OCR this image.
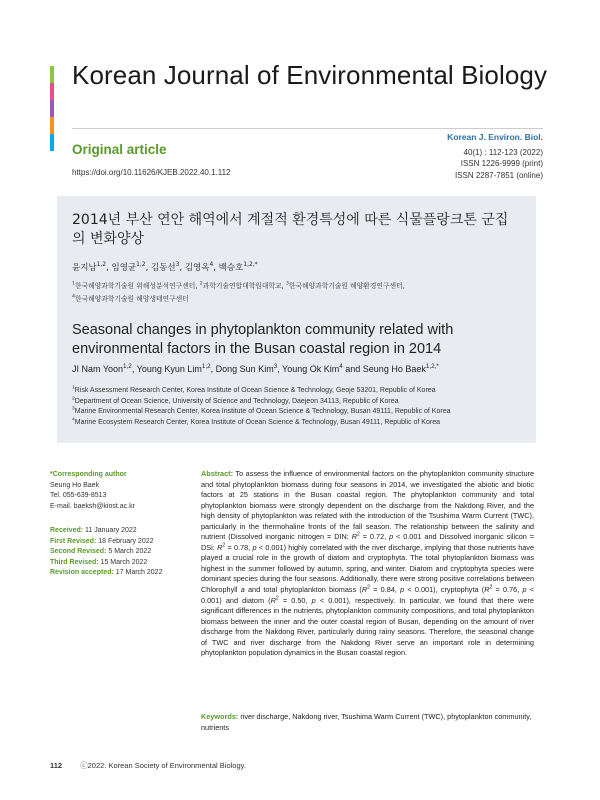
Korean Journal of Environmental Biology
Original article
https://doi.org/10.11626/KJEB.2022.40.1.112
Korean J. Environ. Biol.
40(1) : 112-123 (2022)
ISSN 1226-9999 (print)
ISSN 2287-7851 (online)
2014년 부산 연안 해역에서 계절적 환경특성에 따른 식물플랑크톤 군집의 변화양상
윤지남$^{1,2}$, 임영균$^{1,2}$, 김동선$^3$, 김영옥$^4$, 백승호$^{1,2,*}$
$^1$한국해양과학기술원 위해성분석연구센터, $^2$과학기술연합대학원대학교, $^3$한국해양과학기술원 해양환경연구센터,
$^4$한국해양과학기술원 해양생태연구센터
Seasonal changes in phytoplankton community related with environmental factors in the Busan coastal region in 2014
JI Nam Yoon$^{1,2}$, Young Kyun Lim$^{1,2}$, Dong Sun Kim$^3$, Young Ok Kim$^4$ and Seung Ho Baek$^{1,2,*}$
$^1$Risk Assessment Research Center, Korea Institute of Ocean Science & Technology, Geoje 53201, Republic of Korea
$^2$Department of Ocean Science, University of Science and Technology, Daejeon 34113, Republic of Korea
$^3$Marine Environmental Research Center, Korea Institute of Ocean Science & Technology, Busan 49111, Republic of Korea
$^4$Marine Ecosystem Research Center, Korea Institute of Ocean Science & Technology, Busan 49111, Republic of Korea
*Corresponding author
Seung Ho Baek
Tel. 055-639-8513
E-mail. baeksh@kiost.ac.kr
Received: 11 January 2022
First Revised: 18 February 2022
Second Revised: 5 March 2022
Third Revised: 15 March 2022
Revision accepted: 17 March 2022
Abstract: To assess the influence of environmental factors on the phytoplankton community structure and total phytoplankton biomass during four seasons in 2014, we investigated the abiotic and biotic factors at 25 stations in the Busan coastal region. The phytoplankton community and total phytoplankton biomass were strongly dependent on the discharge from the Nakdong River, and the high density of phytoplankton was related with the introduction of the Tsushima Warm Current (TWC), particularly in the thermohaline fronts of the fall season. The relationship between the salinity and nutrient (Dissolved inorganic nitrogen = DIN: $R^2 = 0.72$, p < 0.001 and Dissolved inorganic silicon = DSi: $R^2 = 0.78$, p < 0.001) highly correlated with the river discharge, implying that those nutrients have played a crucial role in the growth of diatom and cryptophyta. The total phytoplankton biomass was highest in the summer followed by autumn, spring, and winter. Diatom and cryptophyta species were dominant species during the four seasons. Additionally, there were strong positive correlations between Chlorophyll a and total phytoplankton biomass ($R^2 = 0.84$, p < 0.001), cryptophyta ($R^2 = 0.76$, p < 0.001) and diatom ($R^2 = 0.50$, p < 0.001), respectively. In particular, we found that there were significant differences in the nutrients, phytoplankton community compositions, and total phytoplankton biomass between the inner and the outer coastal region of Busan, depending on the amount of river discharge from the Nakdong River, particularly during rainy seasons. Therefore, the seasonal change of TWC and river discharge from the Nakdong River serve an important role in determining phytoplankton population dynamics in the Busan coastal region.
Keywords: river discharge, Nakdong river, Tsushima Warm Current (TWC), phytoplankton community, nutrients
112 ⓒ2022. Korean Society of Environmental Biology.
